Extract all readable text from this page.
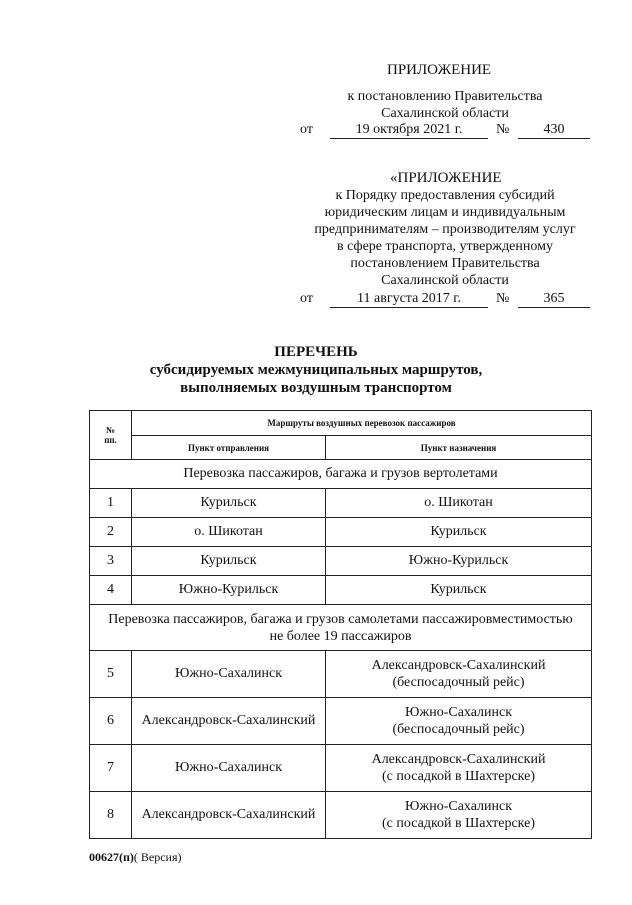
ПРИЛОЖЕНИЕ
к постановлению Правительства
Сахалинской области
от	19 октября 2021 г.	№	430
«ПРИЛОЖЕНИЕ
к Порядку предоставления субсидий
юридическим лицам и индивидуальным
предпринимателям – производителям услуг
в сфере транспорта, утвержденному
постановлением Правительства
Сахалинской области
от	11 августа 2017 г.	№	365
ПЕРЕЧЕНЬ
субсидируемых межмуниципальных маршрутов,
выполняемых воздушным транспортом
№
пп.	Маршруты воздушных перевозок пассажиров	
	Пункт отправления	Пункт назначения
Перевозка пассажиров, багажа и грузов вертолетами		
1	Курильск	о. Шикотан
2	о. Шикотан	Курильск
3	Курильск	Южно-Курильск
4	Южно-Курильск	Курильск

Перевозка пассажиров, багажа и грузов самолетами пассажировместимостью
не более 19 пассажиров		

5	Южно-Сахалинск	Александровск-Сахалинский
(беспосадочный рейс)

6	Александровск-Сахалинский	Южно-Сахалинск
(беспосадочный рейс)

7	Южно-Сахалинск	Александровск-Сахалинский
(с посадкой в Шахтерске)

8	Александровск-Сахалинский	Южно-Сахалинск
(с посадкой в Шахтерске)
00627(п)( Версия)
